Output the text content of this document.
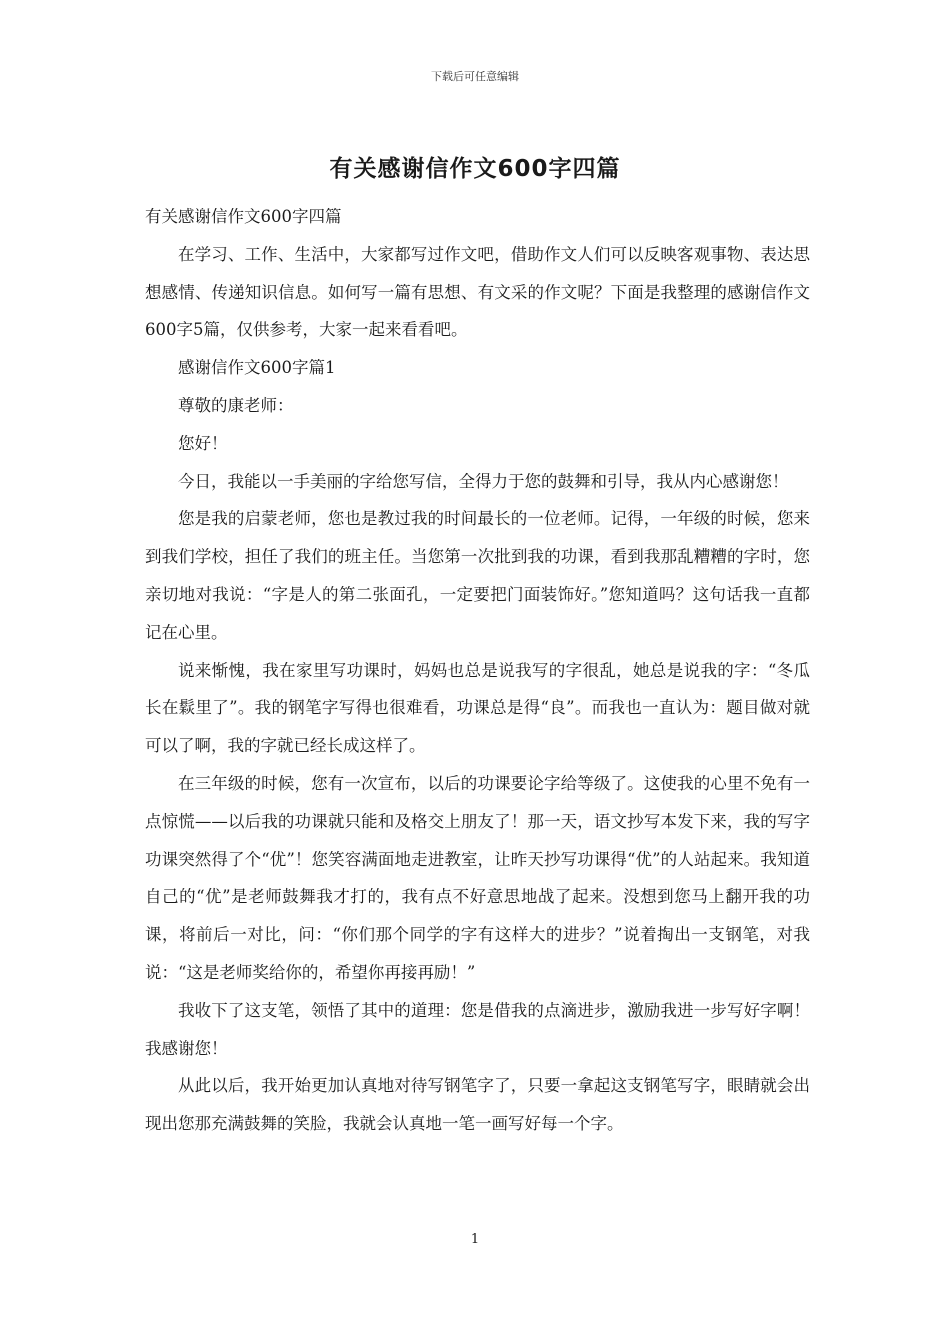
下载后可任意编辑
有关感谢信作文600字四篇

有关感谢信作文600字四篇

在学习、工作、生活中，大家都写过作文吧，借助作文人们可以反映客观事物、表达思想感情、传递知识信息。如何写一篇有思想、有文采的作文呢？下面是我整理的感谢信作文600字5篇，仅供参考，大家一起来看看吧。

感谢信作文600字篇1

尊敬的康老师：

您好！

今日，我能以一手美丽的字给您写信，全得力于您的鼓舞和引导，我从内心感谢您！

您是我的启蒙老师，您也是教过我的时间最长的一位老师。记得，一年级的时候，您来到我们学校，担任了我们的班主任。当您第一次批到我的功课，看到我那乱糟糟的字时，您亲切地对我说：“字是人的第二张面孔，一定要把门面装饰好。”您知道吗？这句话我一直都记在心里。

说来惭愧，我在家里写功课时，妈妈也总是说我写的字很乱，她总是说我的字：“冬瓜长在鬏里了”。我的钢笔字写得也很难看，功课总是得“良”。而我也一直认为：题目做对就可以了啊，我的字就已经长成这样了。

在三年级的时候，您有一次宣布，以后的功课要论字给等级了。这使我的心里不免有一点惊慌——以后我的功课就只能和及格交上朋友了！那一天，语文抄写本发下来，我的写字功课突然得了个“优”！您笑容满面地走进教室，让昨天抄写功课得“优”的人站起来。我知道自己的“优”是老师鼓舞我才打的，我有点不好意思地战了起来。没想到您马上翻开我的功课，将前后一对比，问：“你们那个同学的字有这样大的进步？”说着掏出一支钢笔，对我说：“这是老师奖给你的，希望你再接再励！”

我收下了这支笔，领悟了其中的道理：您是借我的点滴进步，激励我进一步写好字啊！我感谢您！

从此以后，我开始更加认真地对待写钢笔字了，只要一拿起这支钢笔写字，眼睛就会出现出您那充满鼓舞的笑脸，我就会认真地一笔一画写好每一个字。

1
